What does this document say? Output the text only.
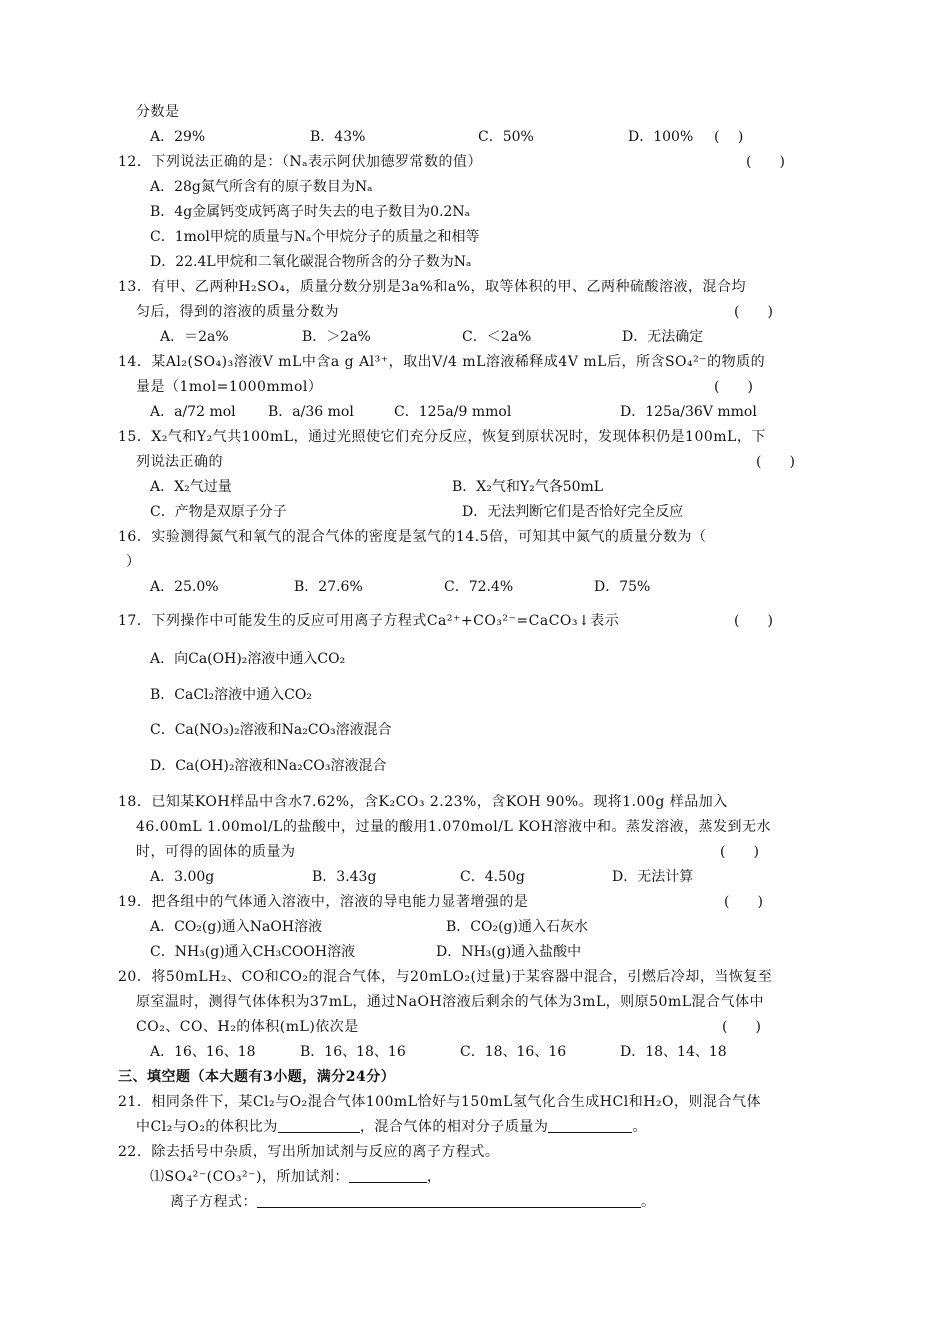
分数是
A．29%	B．43%	C．50%	D．100% (　 )
12．下列说法正确的是：（Nₐ表示阿伏加德罗常数的值）	(　　)
A．28g氮气所含有的原子数目为Nₐ
B．4g金属钙变成钙离子时失去的电子数目为0.2Nₐ
C．1mol甲烷的质量与Nₐ个甲烷分子的质量之和相等
D．22.4L甲烷和二氧化碳混合物所含的分子数为Nₐ
13．有甲、乙两种H₂SO₄，质量分数分别是3a%和a%，取等体积的甲、乙两种硫酸溶液，混合均
匀后，得到的溶液的质量分数为	(　　)
A．＝2a%	B．＞2a%	C．＜2a%	D．无法确定
14．某Al₂(SO₄)₃溶液V mL中含a g Al³⁺，取出V/4 mL溶液稀释成4V mL后，所含SO₄²⁻的物质的
量是（1mol=1000mmol）	(　　)
A．a/72 mol B．a/36 mol	C．125a/9 mmol	D．125a/36V mmol
15．X₂气和Y₂气共100mL，通过光照使它们充分反应，恢复到原状况时，发现体积仍是100mL，下
列说法正确的	(　　)
A．X₂气过量	B．X₂气和Y₂气各50mL
C．产物是双原子分子	D．无法判断它们是否恰好完全反应
16．实验测得氮气和氧气的混合气体的密度是氢气的14.5倍，可知其中氮气的质量分数为（
）
A．25.0%	B．27.6%	C．72.4%	D．75%
17．下列操作中可能发生的反应可用离子方程式Ca²⁺+CO₃²⁻=CaCO₃↓表示	(　　)
A．向Ca(OH)₂溶液中通入CO₂
B．CaCl₂溶液中通入CO₂
C．Ca(NO₃)₂溶液和Na₂CO₃溶液混合
D．Ca(OH)₂溶液和Na₂CO₃溶液混合
18．已知某KOH样品中含水7.62%，含K₂CO₃ 2.23%，含KOH 90%。现将1.00g 样品加入
46.00mL 1.00mol/L的盐酸中，过量的酸用1.070mol/L KOH溶液中和。蒸发溶液，蒸发到无水
时，可得的固体的质量为	(　　)
A．3.00g	B．3.43g	C．4.50g	D．无法计算
19．把各组中的气体通入溶液中，溶液的导电能力显著增强的是	(　　)
A．CO₂(g)通入NaOH溶液	B．CO₂(g)通入石灰水
C．NH₃(g)通入CH₃COOH溶液	D．NH₃(g)通入盐酸中
20．将50mLH₂、CO和CO₂的混合气体，与20mLO₂(过量)于某容器中混合，引燃后冷却，当恢复至
原室温时，测得气体体积为37mL，通过NaOH溶液后剩余的气体为3mL，则原50mL混合气体中
CO₂、CO、H₂的体积(mL)依次是	(　　)
A．16、16、18	B．16、18、16	C．18、16、16	D．18、14、18
三、填空题（本大题有3小题，满分24分）
21．相同条件下，某Cl₂与O₂混合气体100mL恰好与150mL氢气化合生成HCl和H₂O，则混合气体
中Cl₂与O₂的体积比为	，混合气体的相对分子质量为	。
22．除去括号中杂质，写出所加试剂与反应的离子方程式。
⑴SO₄²⁻(CO₃²⁻)，所加试剂：	，
离子方程式：	。
